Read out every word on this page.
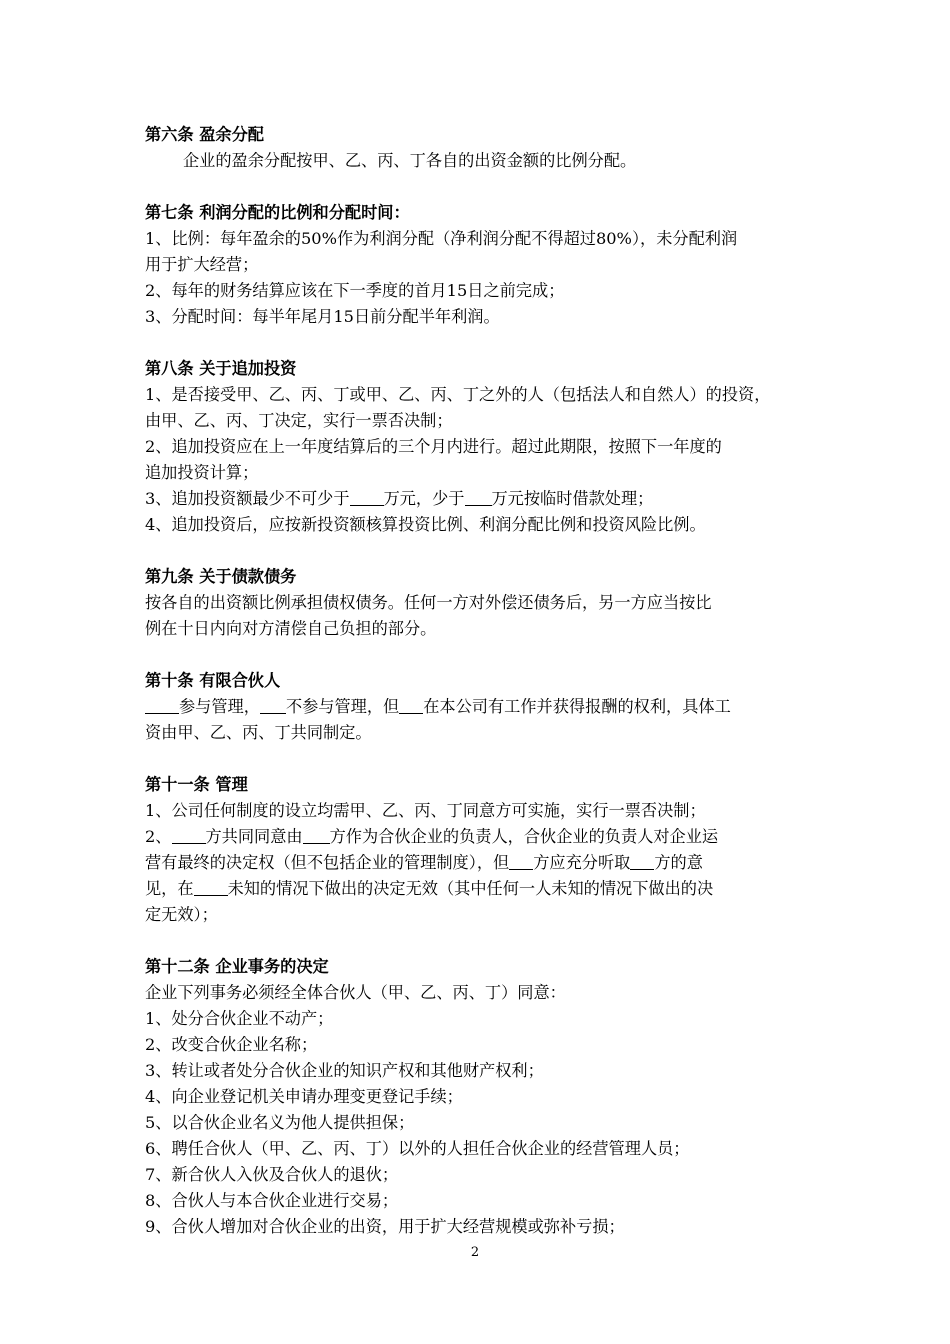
第六条 盈余分配
企业的盈余分配按甲、乙、丙、丁各自的出资金额的比例分配。
第七条 利润分配的比例和分配时间：
1、比例：每年盈余的50%作为利润分配（净利润分配不得超过80%），未分配利润
用于扩大经营；
2、每年的财务结算应该在下一季度的首月15日之前完成；
3、分配时间：每半年尾月15日前分配半年利润。
第八条 关于追加投资
1、是否接受甲、乙、丙、丁或甲、乙、丙、丁之外的人（包括法人和自然人）的投资，
由甲、乙、丙、丁决定，实行一票否决制；
2、追加投资应在上一年度结算后的三个月内进行。超过此期限，按照下一年度的
追加投资计算；
3、追加投资额最少不可少于 万元，少于 万元按临时借款处理；
4、追加投资后，应按新投资额核算投资比例、利润分配比例和投资风险比例。
第九条 关于债款债务
按各自的出资额比例承担债权债务。任何一方对外偿还债务后，另一方应当按比
例在十日内向对方清偿自己负担的部分。
第十条 有限合伙人
参与管理， 不参与管理，但 在本公司有工作并获得报酬的权利，具体工
资由甲、乙、丙、丁共同制定。
第十一条 管理
1、公司任何制度的设立均需甲、乙、丙、丁同意方可实施，实行一票否决制；
2、 方共同同意由 方作为合伙企业的负责人，合伙企业的负责人对企业运
营有最终的决定权（但不包括企业的管理制度），但 方应充分听取 方的意
见，在 未知的情况下做出的决定无效（其中任何一人未知的情况下做出的决
定无效）；
第十二条 企业事务的决定
企业下列事务必须经全体合伙人（甲、乙、丙、丁）同意：
1、处分合伙企业不动产；
2、改变合伙企业名称；
3、转让或者处分合伙企业的知识产权和其他财产权利；
4、向企业登记机关申请办理变更登记手续；
5、以合伙企业名义为他人提供担保；
6、聘任合伙人（甲、乙、丙、丁）以外的人担任合伙企业的经营管理人员；
7、新合伙人入伙及合伙人的退伙；
8、合伙人与本合伙企业进行交易；
9、合伙人增加对合伙企业的出资，用于扩大经营规模或弥补亏损；
2
